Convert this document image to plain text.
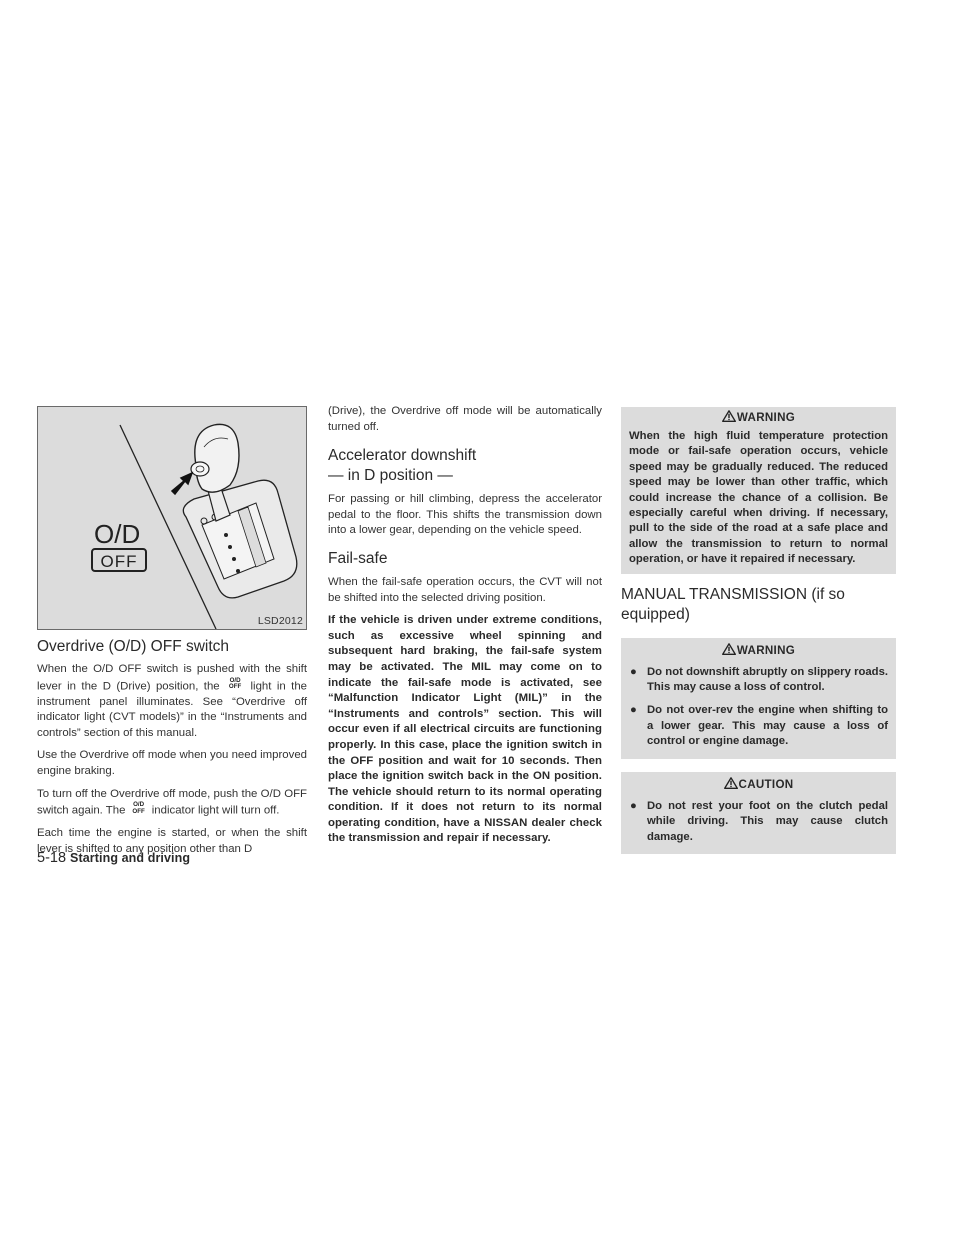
O/D
OFF
LSD2012
Overdrive (O/D) OFF switch

When the O/D OFF switch is pushed with the shift lever in the D (Drive) position, the	O/D
OFF light in the instrument panel illuminates. See “Overdrive off indicator light (CVT models)” in the “Instruments and controls” section of this manual.

Use the Overdrive off mode when you need improved engine braking.

To turn off the Overdrive off mode, push the O/D OFF switch again. The	O/D
OFF indicator light will turn off.

Each time the engine is started, or when the shift lever is shifted to any position other than D

(Drive), the Overdrive off mode will be automatically turned off.

Accelerator downshift
— in D position —

For passing or hill climbing, depress the accelerator pedal to the floor. This shifts the transmission down into a lower gear, depending on the vehicle speed.

Fail-safe

When the fail-safe operation occurs, the CVT will not be shifted into the selected driving position.

If the vehicle is driven under extreme conditions, such as excessive wheel spinning and subsequent hard braking, the fail-safe system may be activated. The MIL may come on to indicate the fail-safe mode is activated, see “Malfunction Indicator Light (MIL)” in the “Instruments and controls” section. This will occur even if all electrical circuits are functioning properly. In this case, place the ignition switch in the OFF position and wait for 10 seconds. Then place the ignition switch back in the ON position. The vehicle should return to its normal operating condition. If it does not return to its normal operating condition, have a NISSAN dealer check the transmission and repair if necessary.

WARNING

When the high fluid temperature protection mode or fail-safe operation occurs, vehicle speed may be gradually reduced. The reduced speed may be lower than other traffic, which could increase the chance of a collision. Be especially careful when driving. If necessary, pull to the side of the road at a safe place and allow the transmission to return to normal operation, or have it repaired if necessary.

MANUAL TRANSMISSION (if so
equipped)
WARNING
● Do not downshift abruptly on slippery roads. This may cause a loss of control.
● Do not over-rev the engine when shifting to a lower gear. This may cause a loss of control or engine damage.
CAUTION
● Do not rest your foot on the clutch pedal while driving. This may cause clutch damage.
5-18 Starting and driving
